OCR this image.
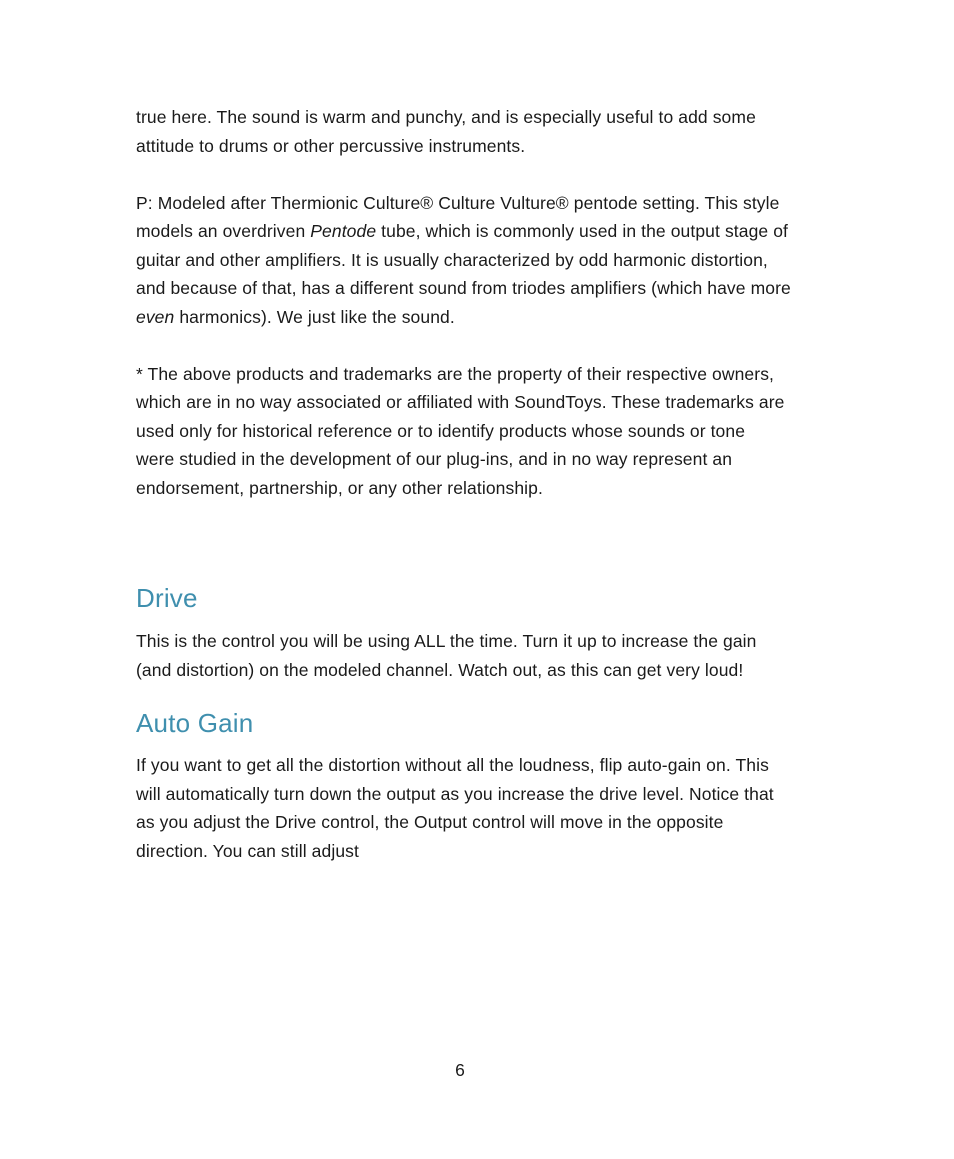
true here. The sound is warm and punchy, and is especially useful to add some attitude to drums or other percussive instruments.

P: Modeled after Thermionic Culture® Culture Vulture® pentode setting. This style models an overdriven Pentode tube, which is commonly used in the output stage of guitar and other amplifiers. It is usually characterized by odd harmonic distortion, and because of that, has a different sound from triodes amplifiers (which have more even harmonics). We just like the sound.

* The above products and trademarks are the property of their respective owners, which are in no way associated or affiliated with SoundToys. These trademarks are used only for historical reference or to identify products whose sounds or tone were studied in the development of our plug-ins, and in no way represent an endorsement, partnership, or any other relationship.

Drive

This is the control you will be using ALL the time. Turn it up to increase the gain (and distortion) on the modeled channel. Watch out, as this can get very loud!

Auto Gain

If you want to get all the distortion without all the loudness, flip auto-gain on. This will automatically turn down the output as you increase the drive level. Notice that as you adjust the Drive control, the Output control will move in the opposite direction. You can still adjust

6
